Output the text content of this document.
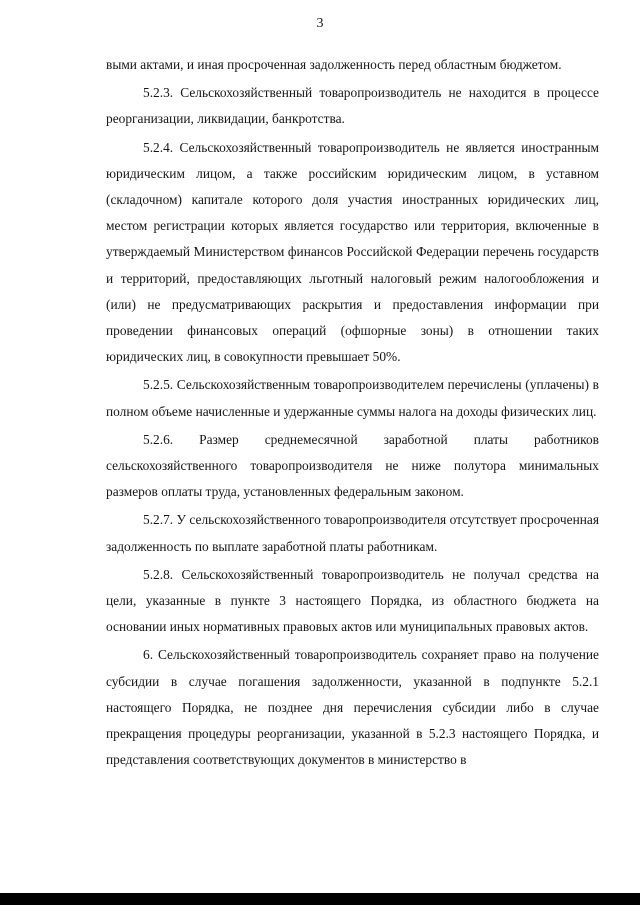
3

выми актами, и иная просроченная задолженность перед областным бюджетом.

5.2.3. Сельскохозяйственный товаропроизводитель не находится в процессе реорганизации, ликвидации, банкротства.

5.2.4. Сельскохозяйственный товаропроизводитель не является иностранным юридическим лицом, а также российским юридическим лицом, в уставном (складочном) капитале которого доля участия иностранных юридических лиц, местом регистрации которых является государство или территория, включенные в утверждаемый Министерством финансов Российской Федерации перечень государств и территорий, предоставляющих льготный налоговый режим налогообложения и (или) не предусматривающих раскрытия и предоставления информации при проведении финансовых операций (офшорные зоны) в отношении таких юридических лиц, в совокупности превышает 50%.

5.2.5. Сельскохозяйственным товаропроизводителем перечислены (уплачены) в полном объеме начисленные и удержанные суммы налога на доходы физических лиц.

5.2.6. Размер среднемесячной заработной платы работников сельскохозяйственного товаропроизводителя не ниже полутора минимальных размеров оплаты труда, установленных федеральным законом.

5.2.7. У сельскохозяйственного товаропроизводителя отсутствует просроченная задолженность по выплате заработной платы работникам.

5.2.8. Сельскохозяйственный товаропроизводитель не получал средства на цели, указанные в пункте 3 настоящего Порядка, из областного бюджета на основании иных нормативных правовых актов или муниципальных правовых актов.

6. Сельскохозяйственный товаропроизводитель сохраняет право на получение субсидии в случае погашения задолженности, указанной в подпункте 5.2.1 настоящего Порядка, не позднее дня перечисления субсидии либо в случае прекращения процедуры реорганизации, указанной в 5.2.3 настоящего Порядка, и представления соответствующих документов в министерство в
